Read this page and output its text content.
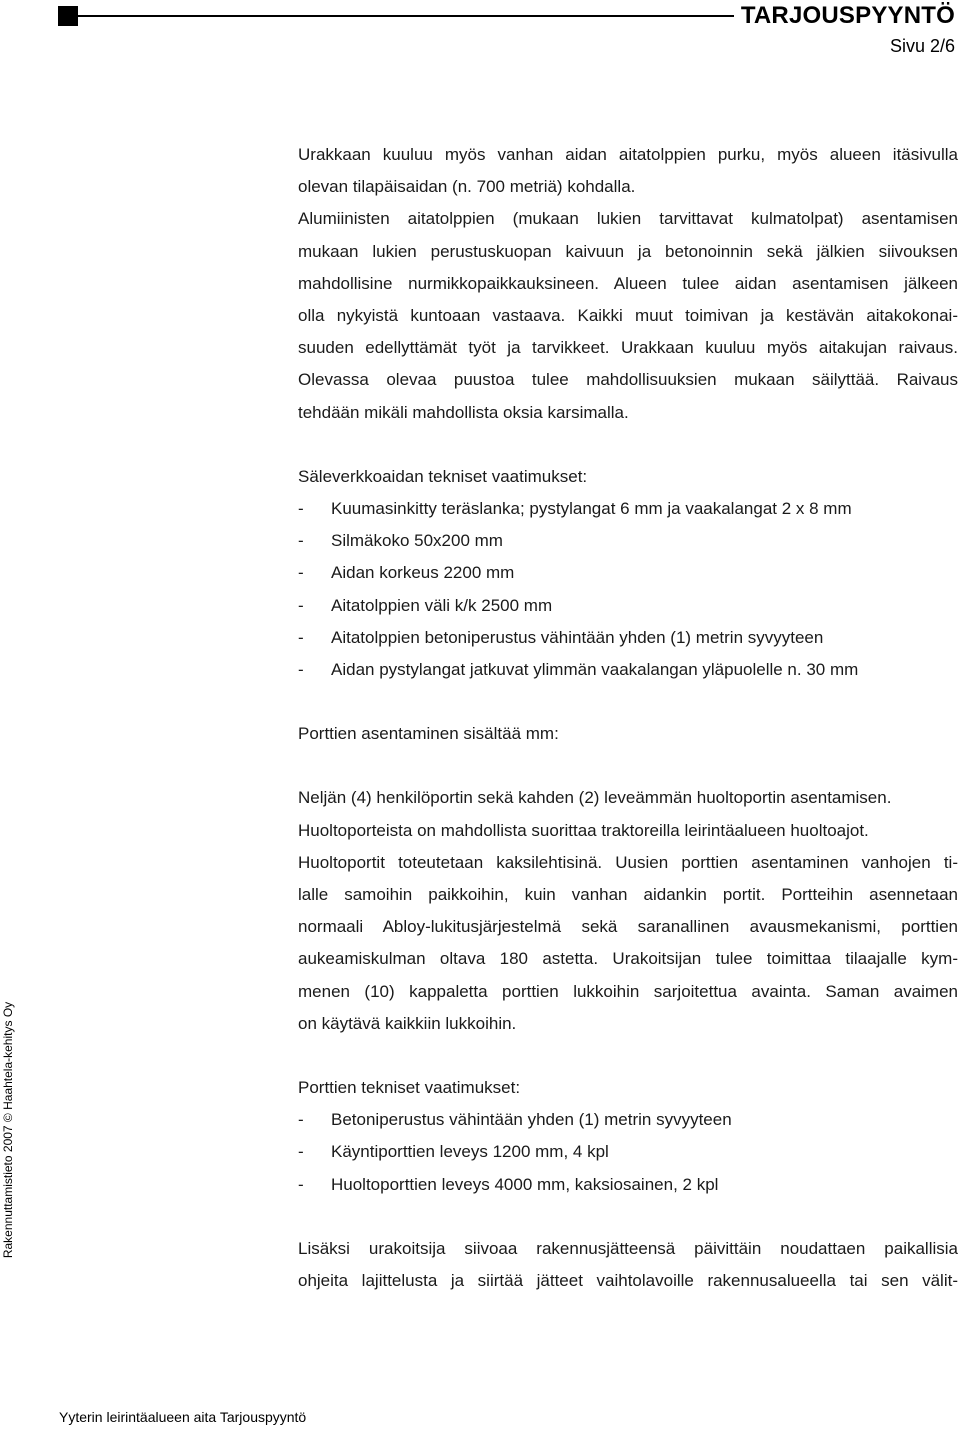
TARJOUSPYYNTÖ
Sivu 2/6
Urakkaan kuuluu myös vanhan aidan aitatolppien purku, myös alueen itäsivulla
olevan tilapäisaidan (n. 700 metriä) kohdalla.
Alumiinisten aitatolppien (mukaan lukien tarvittavat kulmatolpat) asentamisen
mukaan lukien perustuskuopan kaivuun ja betonoinnin sekä jälkien siivouksen
mahdollisine nurmikkopaikkauksineen. Alueen tulee aidan asentamisen jälkeen
olla nykyistä kuntoaan vastaava. Kaikki muut toimivan ja kestävän aitakokonai-
suuden edellyttämät työt ja tarvikkeet. Urakkaan kuuluu myös aitakujan raivaus.
Olevassa olevaa puustoa tulee mahdollisuuksien mukaan säilyttää. Raivaus
tehdään mikäli mahdollista oksia karsimalla.

Säleverkkoaidan tekniset vaatimukset:

- Kuumasinkitty teräslanka; pystylangat 6 mm ja vaakalangat 2 x 8 mm
- Silmäkoko 50x200 mm
- Aidan korkeus 2200 mm
- Aitatolppien väli k/k 2500 mm
- Aitatolppien betoniperustus vähintään yhden (1) metrin syvyyteen
- Aidan pystylangat jatkuvat ylimmän vaakalangan yläpuolelle n. 30 mm

Porttien asentaminen sisältää mm:

Neljän (4) henkilöportin sekä kahden (2) leveämmän huoltoportin asentamisen.
Huoltoporteista on mahdollista suorittaa traktoreilla leirintäalueen huoltoajot.
Huoltoportit toteutetaan kaksilehtisinä. Uusien porttien asentaminen vanhojen ti-
lalle samoihin paikkoihin, kuin vanhan aidankin portit. Portteihin asennetaan
normaali Abloy-lukitusjärjestelmä sekä saranallinen avausmekanismi, porttien
aukeamiskulman oltava 180 astetta. Urakoitsijan tulee toimittaa tilaajalle kym-
menen (10) kappaletta porttien lukkoihin sarjoitettua avainta. Saman avaimen
on käytävä kaikkiin lukkoihin.

Porttien tekniset vaatimukset:

- Betoniperustus vähintään yhden (1) metrin syvyyteen
- Käyntiporttien leveys 1200 mm, 4 kpl
- Huoltoporttien leveys 4000 mm, kaksiosainen, 2 kpl
Lisäksi urakoitsija siivoaa rakennusjätteensä päivittäin noudattaen paikallisia
ohjeita lajittelusta ja siirtää jätteet vaihtolavoille rakennusalueella tai sen välit-
Rakennuttamistieto 2007 © Haahtela-kehitys Oy
Yyterin leirintäalueen aita Tarjouspyyntö
